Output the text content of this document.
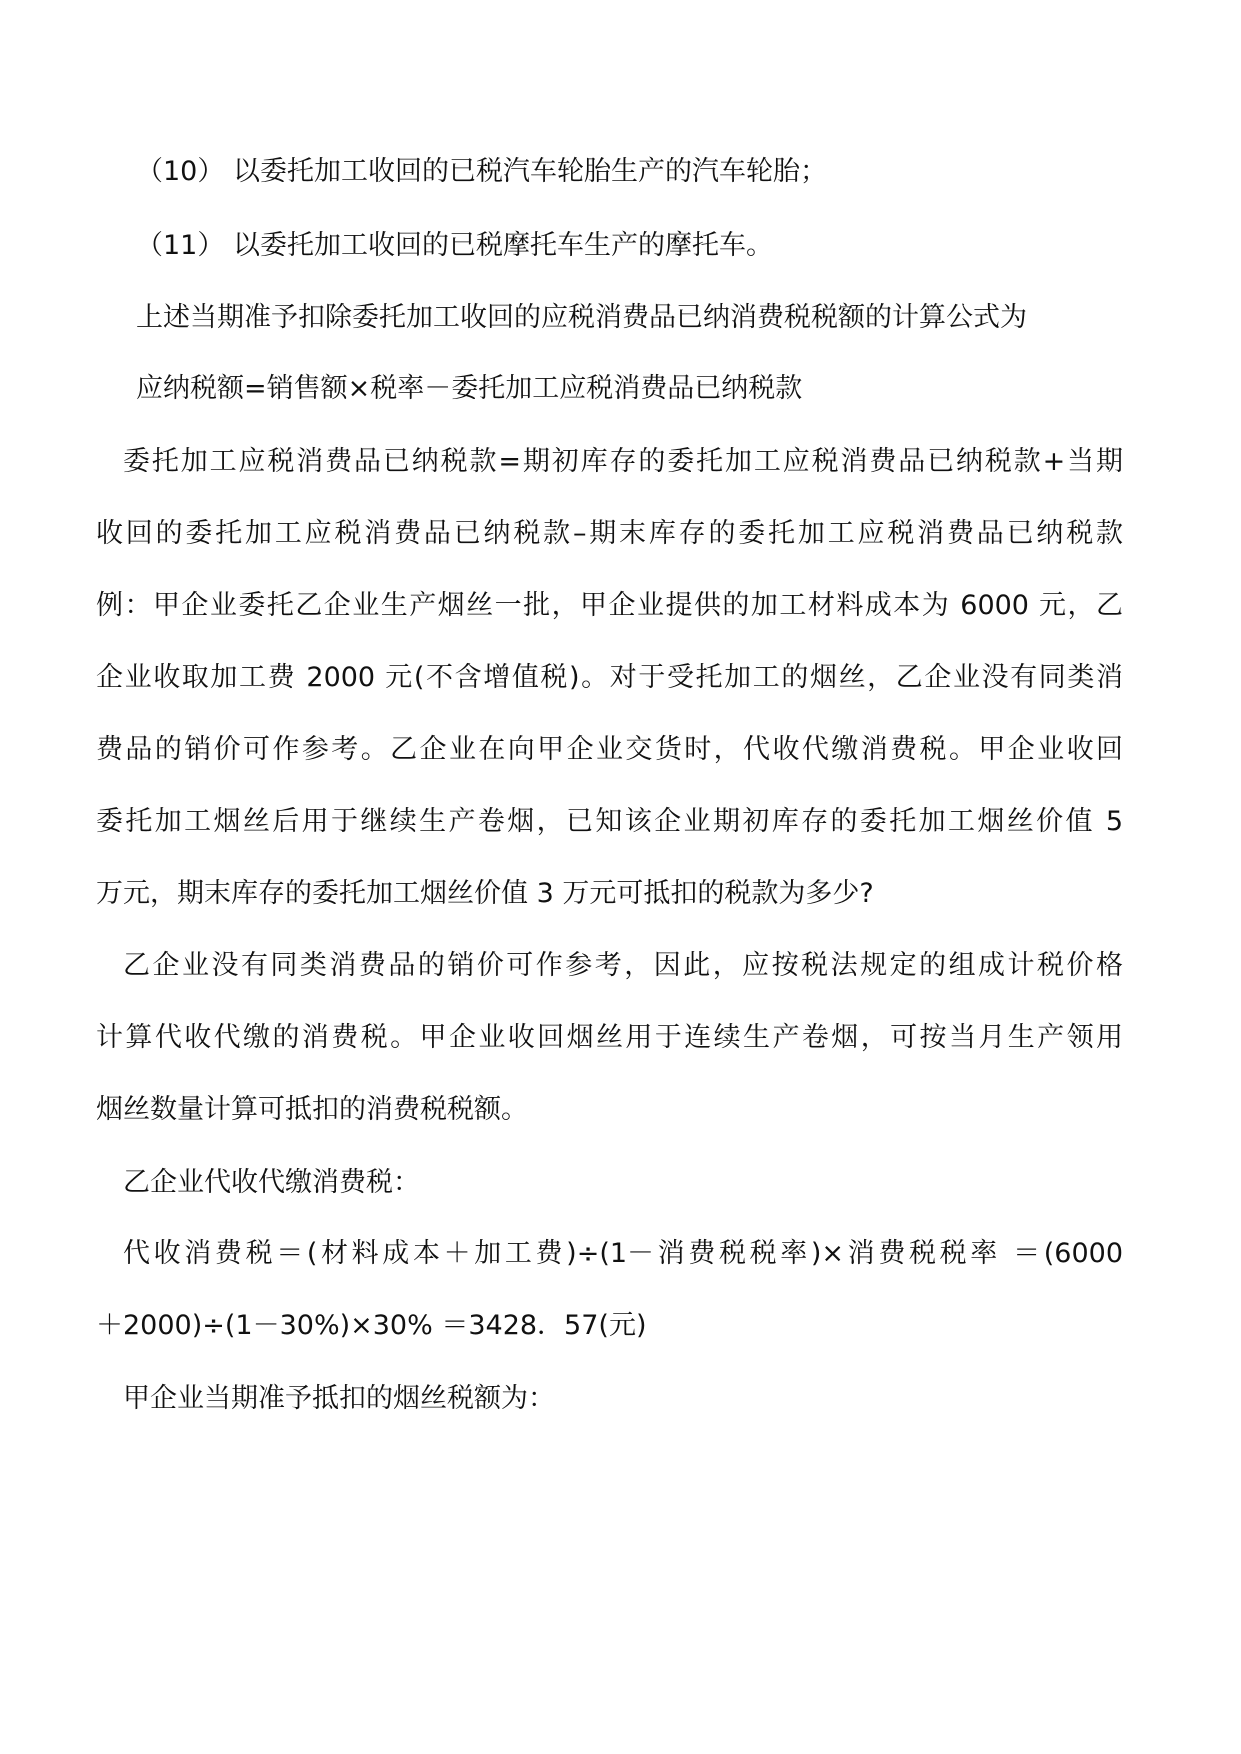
（10） 以委托加工收回的已税汽车轮胎生产的汽车轮胎；
（11） 以委托加工收回的已税摩托车生产的摩托车。
上述当期准予扣除委托加工收回的应税消费品已纳消费税税额的计算公式为
应纳税额=销售额×税率－委托加工应税消费品已纳税款
委托加工应税消费品已纳税款=期初库存的委托加工应税消费品已纳税款+当期
收回的委托加工应税消费品已纳税款–期末库存的委托加工应税消费品已纳税款
例：甲企业委托乙企业生产烟丝一批，甲企业提供的加工材料成本为 6000 元，乙
企业收取加工费 2000 元(不含增值税)。对于受托加工的烟丝，乙企业没有同类消
费品的销价可作参考。乙企业在向甲企业交货时，代收代缴消费税。甲企业收回
委托加工烟丝后用于继续生产卷烟，已知该企业期初库存的委托加工烟丝价值 5
万元，期末库存的委托加工烟丝价值 3 万元可抵扣的税款为多少?
乙企业没有同类消费品的销价可作参考，因此，应按税法规定的组成计税价格
计算代收代缴的消费税。甲企业收回烟丝用于连续生产卷烟，可按当月生产领用
烟丝数量计算可抵扣的消费税税额。
乙企业代收代缴消费税：
代收消费税＝(材料成本＋加工费)÷(1－消费税税率)×消费税税率 ＝(6000
＋2000)÷(1－30%)×30% ＝3428．57(元)
甲企业当期准予抵扣的烟丝税额为：
